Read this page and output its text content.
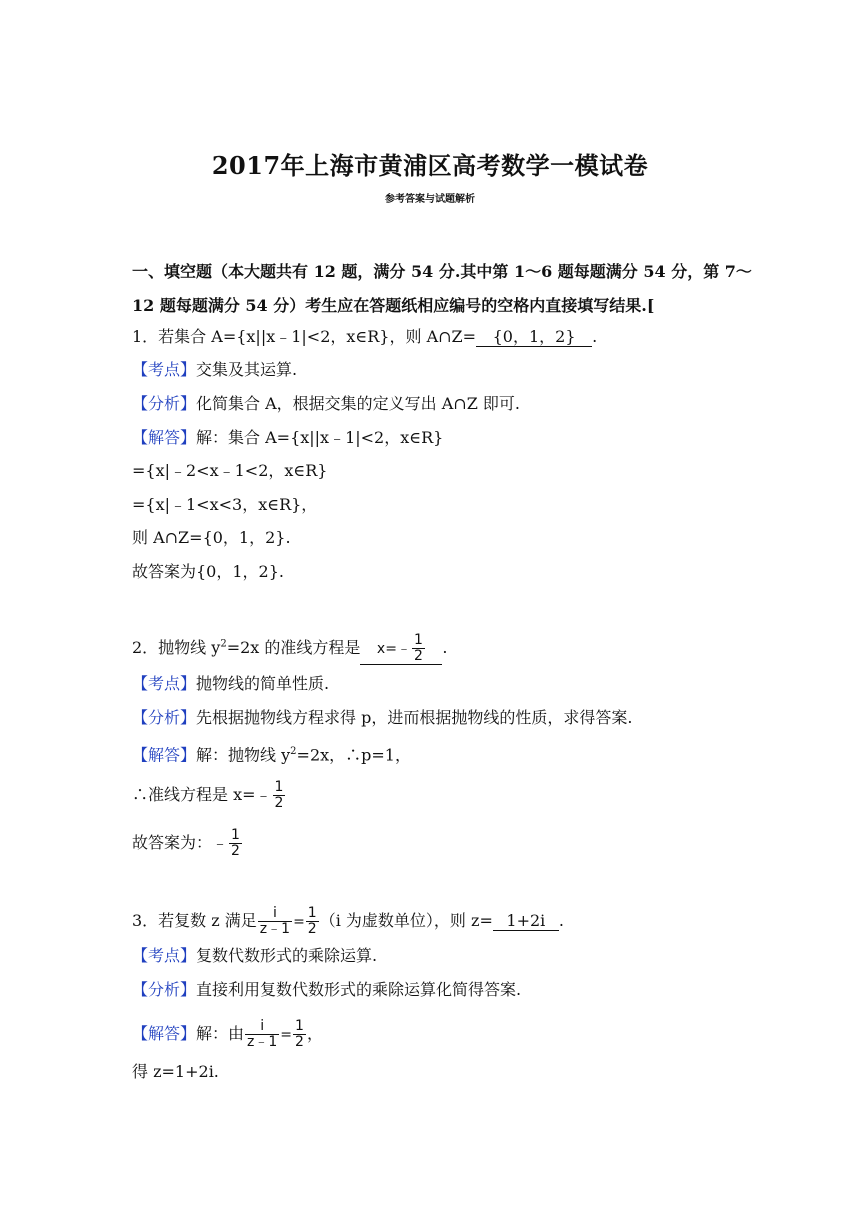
2017年上海市黄浦区高考数学一模试卷
参考答案与试题解析
一、填空题（本大题共有 12 题，满分 54 分.其中第 1～6 题每题满分 54 分，第 7～
12 题每题满分 54 分）考生应在答题纸相应编号的空格内直接填写结果.[
1．若集合 A={x||x﹣1|<2，x∈R}，则 A∩Z= {0，1，2} .
【考点】交集及其运算.
【分析】化简集合 A，根据交集的定义写出 A∩Z 即可.
【解答】解：集合 A={x||x﹣1|<2，x∈R}
={x|﹣2<x﹣1<2，x∈R}
={x|﹣1<x<3，x∈R}，
则 A∩Z={0，1，2}.
故答案为{0，1，2}.
2．抛物线 $y^2=2x$ 的准线方程是 x=﹣ $\frac{1}{2}$ .
【考点】抛物线的简单性质.
【分析】先根据抛物线方程求得 p，进而根据抛物线的性质，求得答案.
【解答】解：抛物线 $y^2=2x$，∴p=1，
∴准线方程是 x=﹣ $\frac{1}{2}$
故答案为：﹣ $\frac{1}{2}$
3．若复数 z 满足 $\frac{i}{z﹣1} = \frac{1}{2} (i$ 为虚数单位），则 z= 1+2i .
【考点】复数代数形式的乘除运算.
【分析】直接利用复数代数形式的乘除运算化简得答案.
【解答】解：由 $\frac{i}{z﹣1} = \frac{1}{2}$ ，
得 z=1+2i.
